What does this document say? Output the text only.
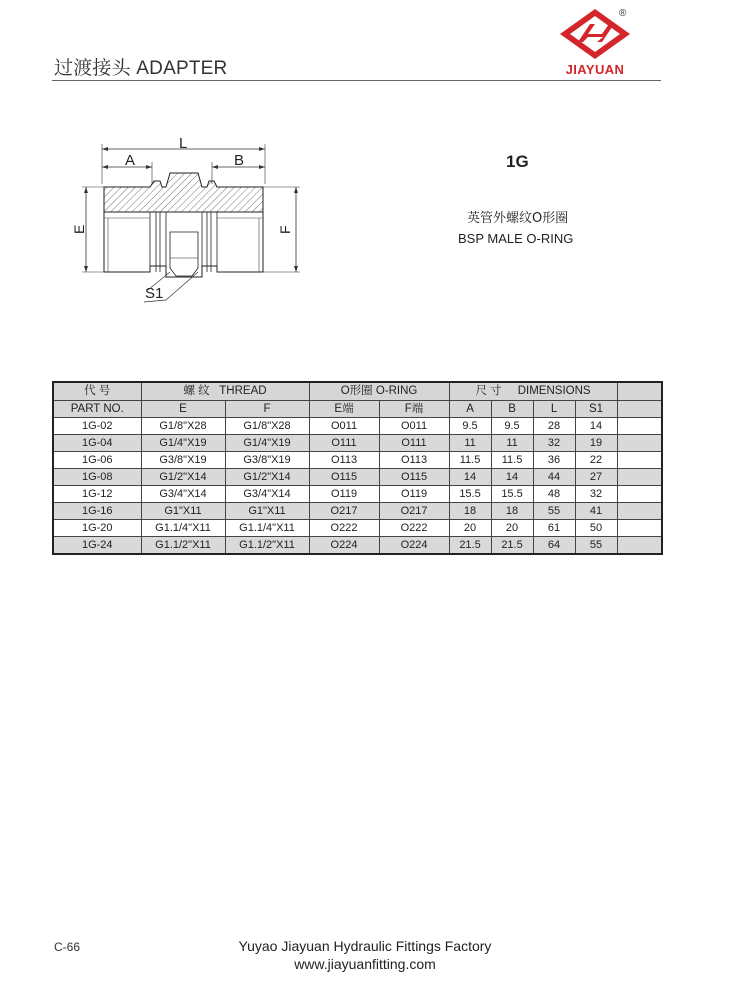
过渡接头 ADAPTER	JIAYUAN
®
L
A	B
E	F
S1
1G
英管外螺纹O形圈
BSP MALE O-RING
代 号	螺 纹 THREAD		O形圈 O-RING		尺 寸 DIMENSIONS				
PART NO.	E	F	E端	F端	A	B	L	S1	
1G-02	G1/8"X28	G1/8"X28	O011	O011	9.5	9.5	28	14	
1G-04	G1/4"X19	G1/4"X19	O111	O111	11	11	32	19	
1G-06	G3/8"X19	G3/8"X19	O113	O113	11.5	11.5	36	22	
1G-08	G1/2"X14	G1/2"X14	O115	O115	14	14	44	27	
1G-12	G3/4"X14	G3/4"X14	O119	O119	15.5	15.5	48	32	
1G-16	G1"X11	G1"X11	O217	O217	18	18	55	41	
1G-20	G1.1/4"X11	G1.1/4"X11	O222	O222	20	20	61	50	
1G-24	G1.1/2"X11	G1.1/2"X11	O224	O224	21.5	21.5	64	55	
C-66	Yuyao Jiayuan Hydraulic Fittings Factory
www.jiayuanfitting.com
